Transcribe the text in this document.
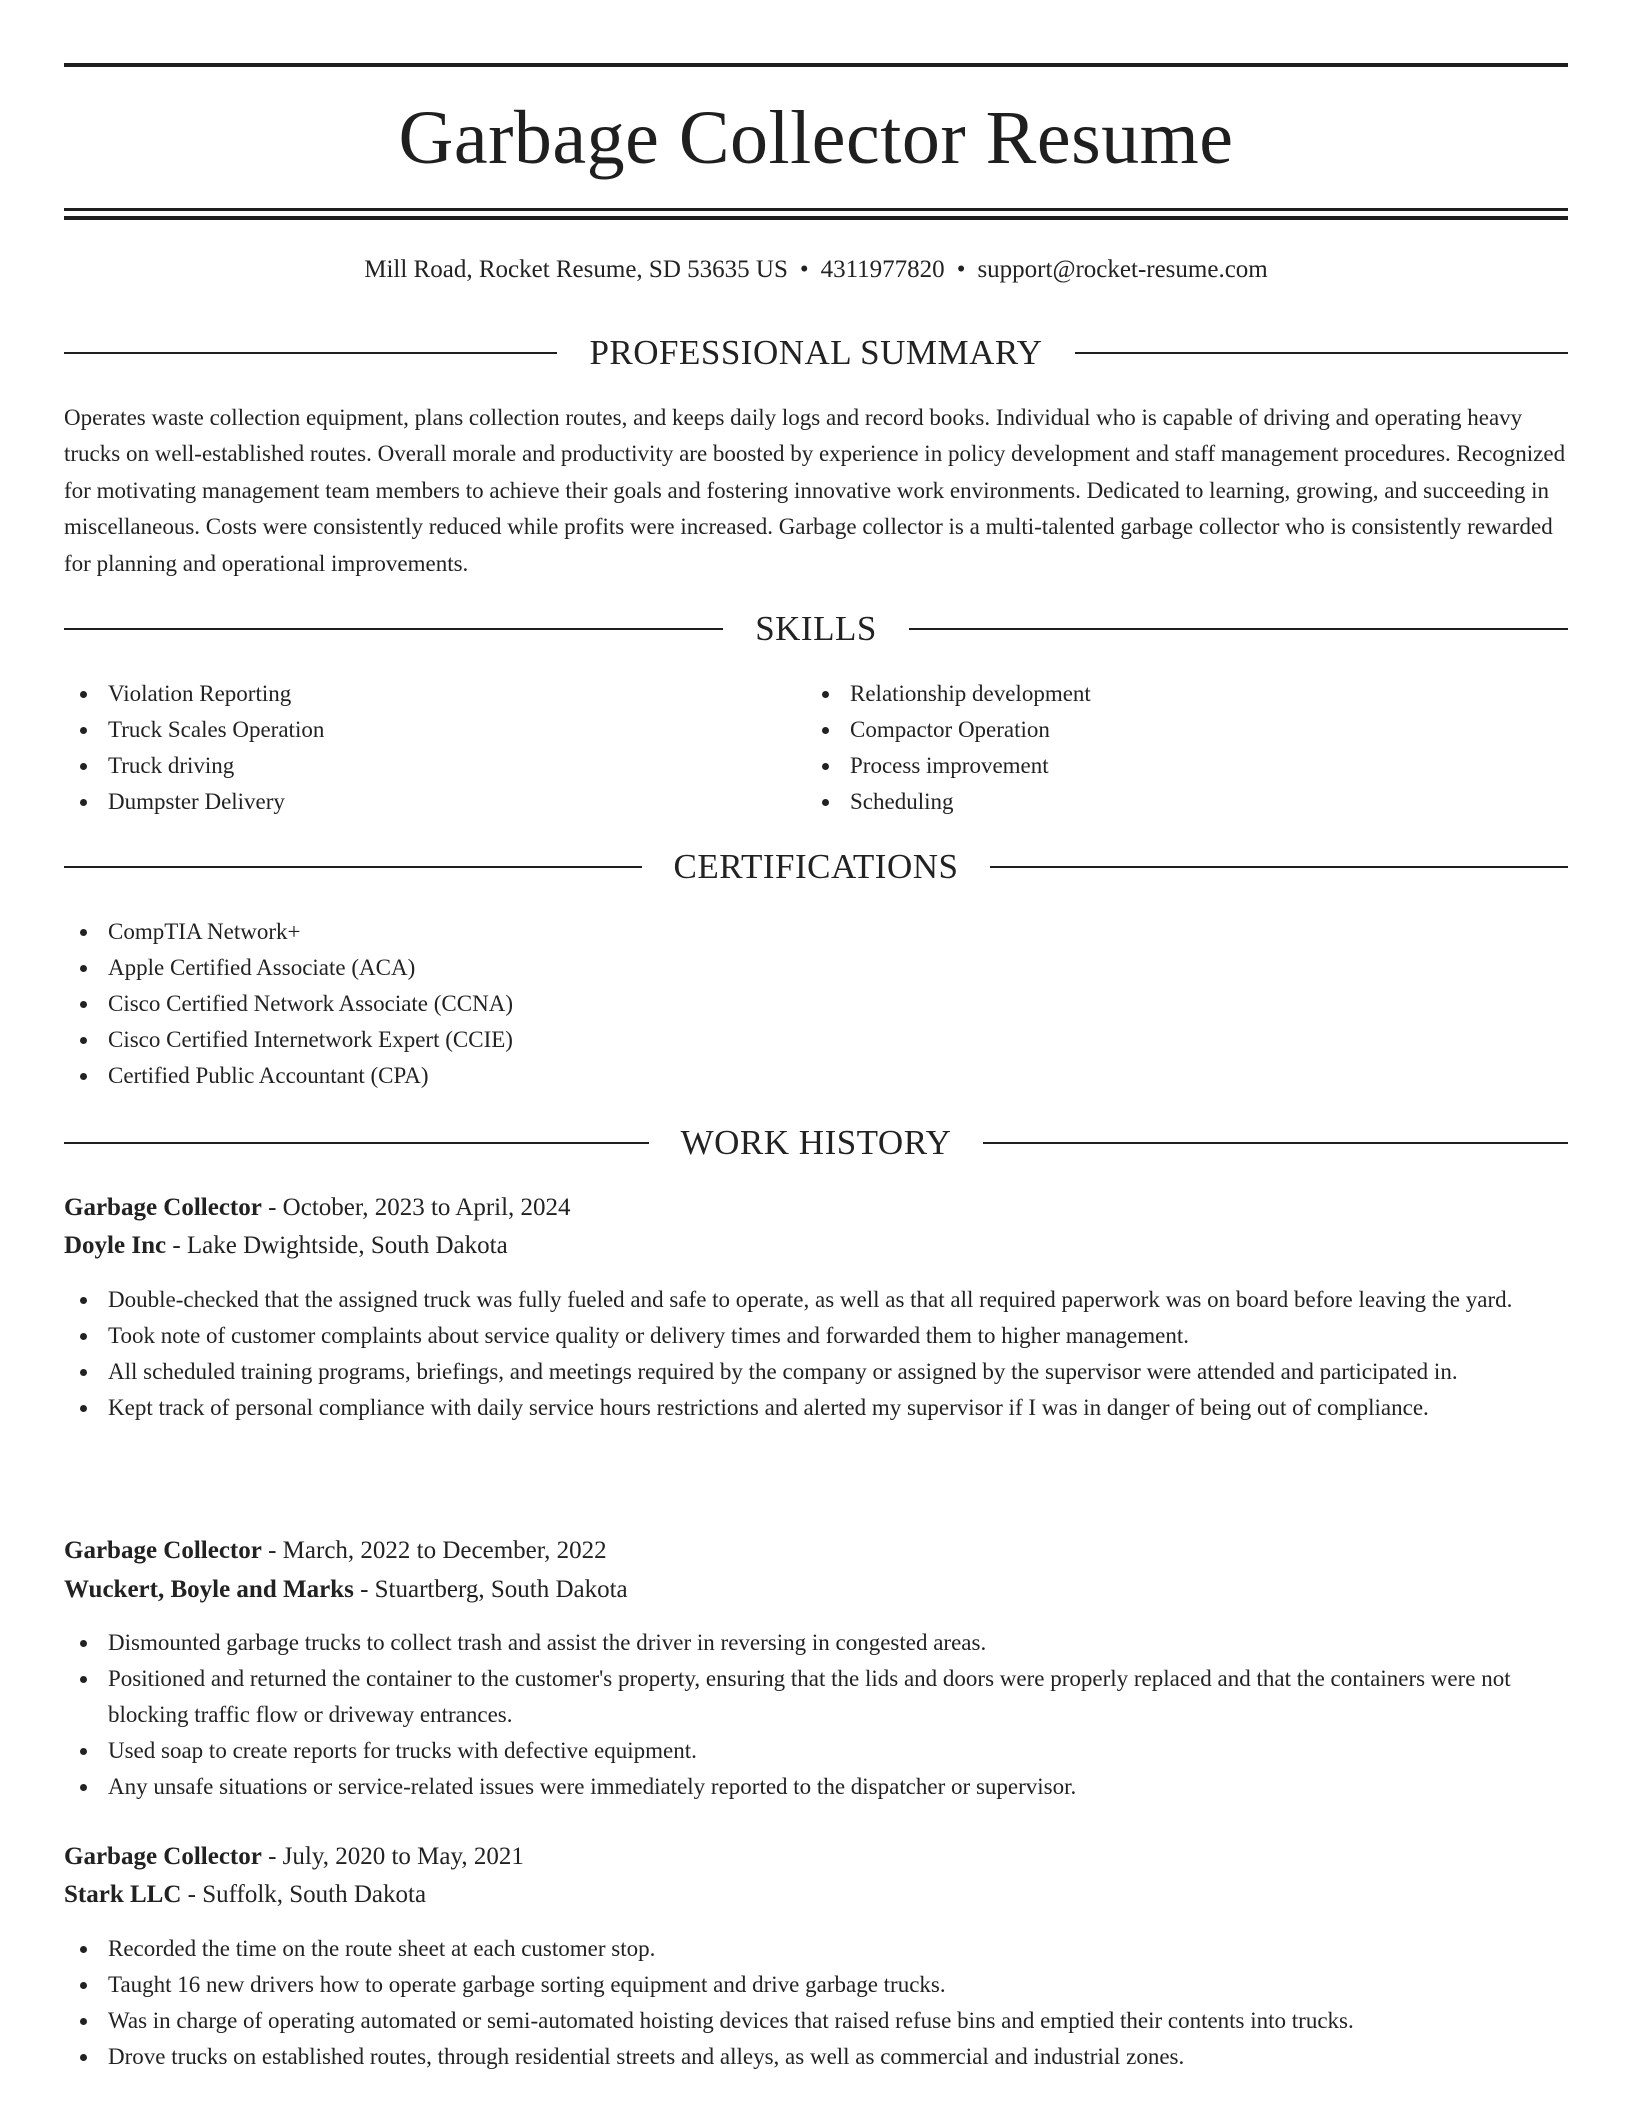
Garbage Collector Resume
Mill Road, Rocket Resume, SD 53635 US • 4311977820 • support@rocket-resume.com
PROFESSIONAL SUMMARY

Operates waste collection equipment, plans collection routes, and keeps daily logs and record books. Individual who is capable of driving and operating heavy trucks on well-established routes. Overall morale and productivity are boosted by experience in policy development and staff management procedures. Recognized for motivating management team members to achieve their goals and fostering innovative work environments. Dedicated to learning, growing, and succeeding in miscellaneous. Costs were consistently reduced while profits were increased. Garbage collector is a multi-talented garbage collector who is consistently rewarded for planning and operational improvements.

SKILLS
Violation Reporting
Truck Scales Operation
Truck driving
Dumpster Delivery
Relationship development
Compactor Operation
Process improvement
Scheduling
CERTIFICATIONS
CompTIA Network+
Apple Certified Associate (ACA)
Cisco Certified Network Associate (CCNA)
Cisco Certified Internetwork Expert (CCIE)
Certified Public Accountant (CPA)
WORK HISTORY
Garbage Collector - October, 2023 to April, 2024
Doyle Inc - Lake Dwightside, South Dakota
Double-checked that the assigned truck was fully fueled and safe to operate, as well as that all required paperwork was on board before leaving the yard.
Took note of customer complaints about service quality or delivery times and forwarded them to higher management.
All scheduled training programs, briefings, and meetings required by the company or assigned by the supervisor were attended and participated in.
Kept track of personal compliance with daily service hours restrictions and alerted my supervisor if I was in danger of being out of compliance.
Garbage Collector - March, 2022 to December, 2022
Wuckert, Boyle and Marks - Stuartberg, South Dakota
Dismounted garbage trucks to collect trash and assist the driver in reversing in congested areas.
Positioned and returned the container to the customer's property, ensuring that the lids and doors were properly replaced and that the containers were not blocking traffic flow or driveway entrances.
Used soap to create reports for trucks with defective equipment.
Any unsafe situations or service-related issues were immediately reported to the dispatcher or supervisor.
Garbage Collector - July, 2020 to May, 2021
Stark LLC - Suffolk, South Dakota
Recorded the time on the route sheet at each customer stop.
Taught 16 new drivers how to operate garbage sorting equipment and drive garbage trucks.
Was in charge of operating automated or semi-automated hoisting devices that raised refuse bins and emptied their contents into trucks.
Drove trucks on established routes, through residential streets and alleys, as well as commercial and industrial zones.
